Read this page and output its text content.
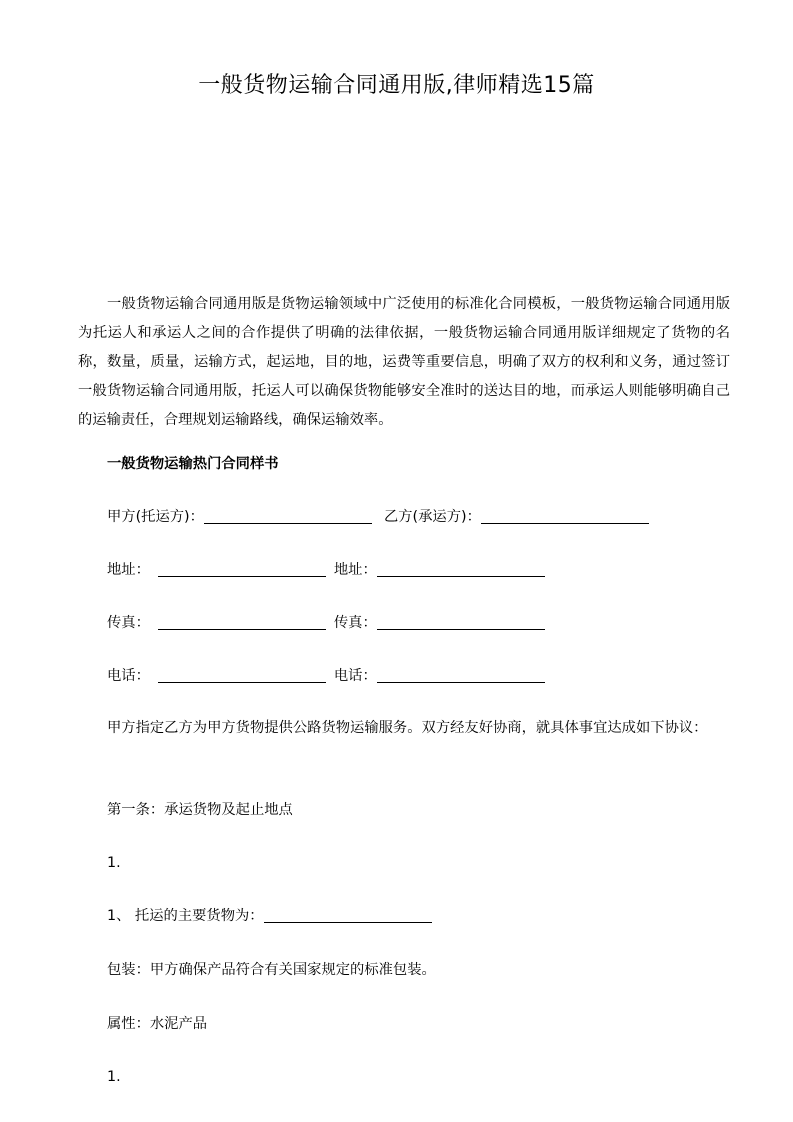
一般货物运输合同通用版,律师精选15篇

一般货物运输合同通用版是货物运输领域中广泛使用的标准化合同模板，一般货物运输合同通用版为托运人和承运人之间的合作提供了明确的法律依据，一般货物运输合同通用版详细规定了货物的名称，数量，质量，运输方式，起运地，目的地，运费等重要信息，明确了双方的权利和义务，通过签订一般货物运输合同通用版，托运人可以确保货物能够安全准时的送达目的地，而承运人则能够明确自己的运输责任，合理规划运输路线，确保运输效率。

一般货物运输热门合同样书
甲方(托运方)：	乙方(承运方)：
地址：	地址：
传真：	传真：
电话：	电话：

甲方指定乙方为甲方货物提供公路货物运输服务。双方经友好协商，就具体事宜达成如下协议：

第一条：承运货物及起止地点
1.
1、 托运的主要货物为：
包装：甲方确保产品符合有关国家规定的标准包装。
属性：水泥产品
1.
